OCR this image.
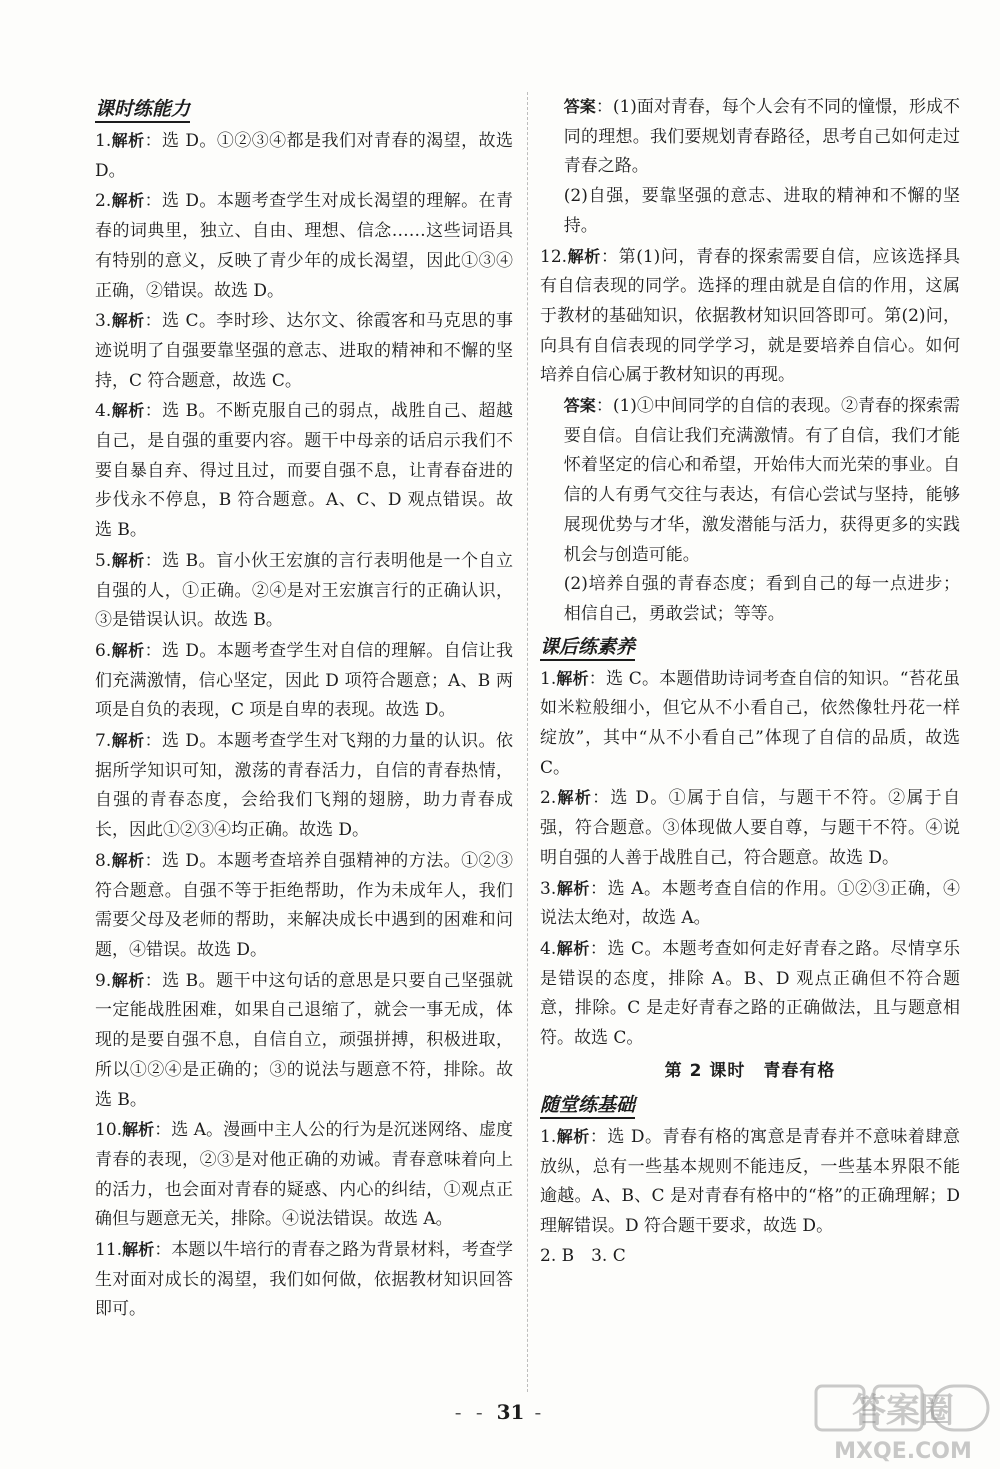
课时练能力

1.解析：选 D。①②③④都是我们对青春的渴望，故选 D。

2.解析：选 D。本题考查学生对成长渴望的理解。在青春的词典里，独立、自由、理想、信念……这些词语具有特别的意义，反映了青少年的成长渴望，因此①③④正确，②错误。故选 D。

3.解析：选 C。李时珍、达尔文、徐霞客和马克思的事迹说明了自强要靠坚强的意志、进取的精神和不懈的坚持，C 符合题意，故选 C。

4.解析：选 B。不断克服自己的弱点，战胜自己、超越自己，是自强的重要内容。题干中母亲的话启示我们不要自暴自弃、得过且过，而要自强不息，让青春奋进的步伐永不停息，B 符合题意。A、C、D 观点错误。故选 B。

5.解析：选 B。盲小伙王宏旗的言行表明他是一个自立自强的人，①正确。②④是对王宏旗言行的正确认识，③是错误认识。故选 B。

6.解析：选 D。本题考查学生对自信的理解。自信让我们充满激情，信心坚定，因此 D 项符合题意；A、B 两项是自负的表现，C 项是自卑的表现。故选 D。

7.解析：选 D。本题考查学生对飞翔的力量的认识。依据所学知识可知，激荡的青春活力，自信的青春热情，自强的青春态度，会给我们飞翔的翅膀，助力青春成长，因此①②③④均正确。故选 D。

8.解析：选 D。本题考查培养自强精神的方法。①②③符合题意。自强不等于拒绝帮助，作为未成年人，我们需要父母及老师的帮助，来解决成长中遇到的困难和问题，④错误。故选 D。

9.解析：选 B。题干中这句话的意思是只要自己坚强就一定能战胜困难，如果自己退缩了，就会一事无成，体现的是要自强不息，自信自立，顽强拼搏，积极进取，所以①②④是正确的；③的说法与题意不符，排除。故选 B。

10.解析：选 A。漫画中主人公的行为是沉迷网络、虚度青春的表现，②③是对他正确的劝诫。青春意味着向上的活力，也会面对青春的疑惑、内心的纠结，①观点正确但与题意无关，排除。④说法错误。故选 A。

11.解析：本题以牛培行的青春之路为背景材料，考查学生对面对成长的渴望，我们如何做，依据教材知识回答即可。

答案：(1)面对青春，每个人会有不同的憧憬，形成不同的理想。我们要规划青春路径，思考自己如何走过青春之路。

(2)自强，要靠坚强的意志、进取的精神和不懈的坚持。

12.解析：第(1)问，青春的探索需要自信，应该选择具有自信表现的同学。选择的理由就是自信的作用，这属于教材的基础知识，依据教材知识回答即可。第(2)问，向具有自信表现的同学学习，就是要培养自信心。如何培养自信心属于教材知识的再现。

答案：(1)①中间同学的自信的表现。②青春的探索需要自信。自信让我们充满激情。有了自信，我们才能怀着坚定的信心和希望，开始伟大而光荣的事业。自信的人有勇气交往与表达，有信心尝试与坚持，能够展现优势与才华，激发潜能与活力，获得更多的实践机会与创造可能。

(2)培养自强的青春态度；看到自己的每一点进步；相信自己，勇敢尝试；等等。

课后练素养

1.解析：选 C。本题借助诗词考查自信的知识。“苔花虽如米粒般细小，但它从不小看自己，依然像牡丹花一样绽放”，其中“从不小看自己”体现了自信的品质，故选 C。

2.解析：选 D。①属于自信，与题干不符。②属于自强，符合题意。③体现做人要自尊，与题干不符。④说明自强的人善于战胜自己，符合题意。故选 D。

3.解析：选 A。本题考查自信的作用。①②③正确，④说法太绝对，故选 A。

4.解析：选 C。本题考查如何走好青春之路。尽情享乐是错误的态度，排除 A。B、D 观点正确但不符合题意，排除。C 是走好青春之路的正确做法，且与题意相符。故选 C。

第 2 课时　青春有格
随堂练基础

1.解析：选 D。青春有格的寓意是青春并不意味着肆意放纵，总有一些基本规则不能违反，一些基本界限不能逾越。A、B、C 是对青春有格中的“格”的正确理解；D 理解错误。D 符合题干要求，故选 D。

2. B　3. C

- - 31 -	答案圈
MXQE.COM
